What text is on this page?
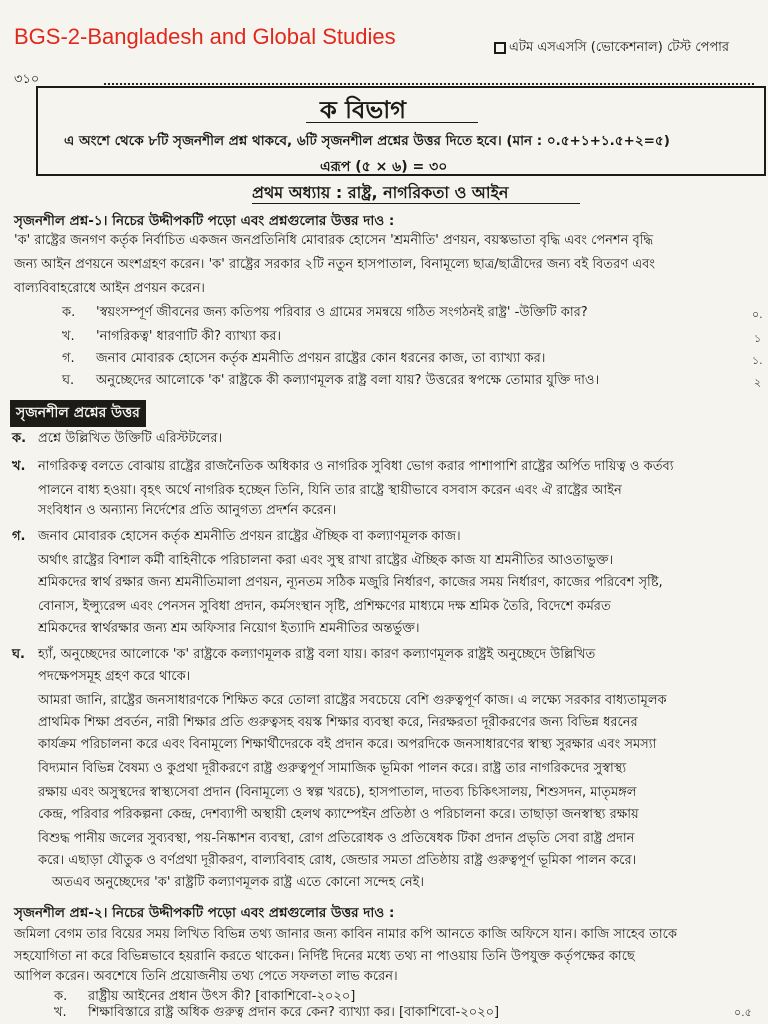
BGS-2-Bangladesh and Global Studies	এটম এসএসসি (ভোকেশনাল) টেস্ট পেপার
৩১০
ক বিভাগ
এ অংশে থেকে ৮টি সৃজনশীল প্রশ্ন থাকবে, ৬টি সৃজনশীল প্রশ্নের উত্তর দিতে হবে। (মান : ০.৫+১+১.৫+২=৫)
এরূপ (৫ × ৬) = ৩০
প্রথম অধ্যায় : রাষ্ট্র, নাগরিকতা ও আইন
সৃজনশীল প্রশ্ন-১। নিচের উদ্দীপকটি পড়ো এবং প্রশ্নগুলোর উত্তর দাও :
'ক' রাষ্ট্রের জনগণ কর্তৃক নির্বাচিত একজন জনপ্রতিনিধি মোবারক হোসেন 'শ্রমনীতি' প্রণয়ন, বয়স্কভাতা বৃদ্ধি এবং পেনশন বৃদ্ধি
জন্য আইন প্রণয়নে অংশগ্রহণ করেন। 'ক' রাষ্ট্রের সরকার ২টি নতুন হাসপাতাল, বিনামূল্যে ছাত্র/ছাত্রীদের জন্য বই বিতরণ এবং
বাল্যবিবাহরোধে আইন প্রণয়ন করেন।
ক. 'স্বয়ংসম্পূর্ণ জীবনের জন্য কতিপয় পরিবার ও গ্রামের সমন্বয়ে গঠিত সংগঠনই রাষ্ট্র' -উক্তিটি কার?	০.
খ. 'নাগরিকত্ব' ধারণাটি কী? ব্যাখ্যা কর।	১
গ. জনাব মোবারক হোসেন কর্তৃক শ্রমনীতি প্রণয়ন রাষ্ট্রের কোন ধরনের কাজ, তা ব্যাখ্যা কর।	১.
ঘ. অনুচ্ছেদের আলোকে 'ক' রাষ্ট্রকে কী কল্যাণমূলক রাষ্ট্র বলা যায়? উত্তরের স্বপক্ষে তোমার যুক্তি দাও।	২
সৃজনশীল প্রশ্নের উত্তর
ক. প্রশ্নে উল্লিখিত উক্তিটি এরিস্টটলের।
খ. নাগরিকত্ব বলতে বোঝায় রাষ্ট্রের রাজনৈতিক অধিকার ও নাগরিক সুবিধা ভোগ করার পাশাপাশি রাষ্ট্রের অর্পিত দায়িত্ব ও কর্তব্য
পালনে বাধ্য হওয়া। বৃহৎ অর্থে নাগরিক হচ্ছেন তিনি, যিনি তার রাষ্ট্রে স্থায়ীভাবে বসবাস করেন এবং ঐ রাষ্ট্রের আইন
সংবিধান ও অন্যান্য নির্দেশের প্রতি আনুগত্য প্রদর্শন করেন।
গ. জনাব মোবারক হোসেন কর্তৃক শ্রমনীতি প্রণয়ন রাষ্ট্রের ঐচ্ছিক বা কল্যাণমূলক কাজ।
অর্থাৎ রাষ্ট্রের বিশাল কর্মী বাহিনীকে পরিচালনা করা এবং সুস্থ রাখা রাষ্ট্রের ঐচ্ছিক কাজ যা শ্রমনীতির আওতাভুক্ত।
শ্রমিকদের স্বার্থ রক্ষার জন্য শ্রমনীতিমালা প্রণয়ন, ন্যূনতম সঠিক মজুরি নির্ধারণ, কাজের সময় নির্ধারণ, কাজের পরিবেশ সৃষ্টি,
বোনাস, ইন্স্যুরেন্স এবং পেনসন সুবিধা প্রদান, কর্মসংস্থান সৃষ্টি, প্রশিক্ষণের মাধ্যমে দক্ষ শ্রমিক তৈরি, বিদেশে কর্মরত
শ্রমিকদের স্বার্থরক্ষার জন্য শ্রম অফিসার নিয়োগ ইত্যাদি শ্রমনীতির অন্তর্ভুক্ত।
ঘ. হ্যাঁ, অনুচ্ছেদের আলোকে 'ক' রাষ্ট্রকে কল্যাণমূলক রাষ্ট্র বলা যায়। কারণ কল্যাণমূলক রাষ্ট্রই অনুচ্ছেদে উল্লিখিত
পদক্ষেপসমূহ গ্রহণ করে থাকে।
আমরা জানি, রাষ্ট্রের জনসাধারণকে শিক্ষিত করে তোলা রাষ্ট্রের সবচেয়ে বেশি গুরুত্বপূর্ণ কাজ। এ লক্ষ্যে সরকার বাধ্যতামূলক
প্রাথমিক শিক্ষা প্রবর্তন, নারী শিক্ষার প্রতি গুরুত্বসহ বয়স্ক শিক্ষার ব্যবস্থা করে, নিরক্ষরতা দূরীকরণের জন্য বিভিন্ন ধরনের
কার্যক্রম পরিচালনা করে এবং বিনামূল্যে শিক্ষার্থীদেরকে বই প্রদান করে। অপরদিকে জনসাধারণের স্বাস্থ্য সুরক্ষার এবং সমস্যা
বিদ্যমান বিভিন্ন বৈষম্য ও কুপ্রথা দূরীকরণে রাষ্ট্র গুরুত্বপূর্ণ সামাজিক ভূমিকা পালন করে। রাষ্ট্র তার নাগরিকদের সুস্বাস্থ্য
রক্ষায় এবং অসুস্থদের স্বাস্থ্যসেবা প্রদান (বিনামূল্যে ও স্বল্প খরচে), হাসপাতাল, দাতব্য চিকিৎসালয়, শিশুসদন, মাতৃমঙ্গল
কেন্দ্র, পরিবার পরিকল্পনা কেন্দ্র, দেশব্যাপী অস্থায়ী হেলথ ক্যাম্পেইন প্রতিষ্ঠা ও পরিচালনা করে। তাছাড়া জনস্বাস্থ্য রক্ষায়
বিশুদ্ধ পানীয় জলের সুব্যবস্থা, পয়-নিষ্কাশন ব্যবস্থা, রোগ প্রতিরোধক ও প্রতিষেধক টিকা প্রদান প্রভৃতি সেবা রাষ্ট্র প্রদান
করে। এছাড়া যৌতুক ও বর্ণপ্রথা দূরীকরণ, বাল্যবিবাহ রোধ, জেন্ডার সমতা প্রতিষ্ঠায় রাষ্ট্র গুরুত্বপূর্ণ ভূমিকা পালন করে।
অতএব অনুচ্ছেদের 'ক' রাষ্ট্রটি কল্যাণমূলক রাষ্ট্র এতে কোনো সন্দেহ নেই।
সৃজনশীল প্রশ্ন-২। নিচের উদ্দীপকটি পড়ো এবং প্রশ্নগুলোর উত্তর দাও :
জমিলা বেগম তার বিয়ের সময় লিখিত বিভিন্ন তথ্য জানার জন্য কাবিন নামার কপি আনতে কাজি অফিসে যান। কাজি সাহেব তাকে
সহযোগিতা না করে বিভিন্নভাবে হয়রানি করতে থাকেন। নির্দিষ্ট দিনের মধ্যে তথ্য না পাওয়ায় তিনি উপযুক্ত কর্তৃপক্ষের কাছে
আপিল করেন। অবশেষে তিনি প্রয়োজনীয় তথ্য পেতে সফলতা লাভ করেন।
ক. রাষ্ট্রীয় আইনের প্রধান উৎস কী? [বাকাশিবো-২০২০]
খ. শিক্ষাবিস্তারে রাষ্ট্র অধিক গুরুত্ব প্রদান করে কেন? ব্যাখ্যা কর। [বাকাশিবো-২০২০]	০.৫
